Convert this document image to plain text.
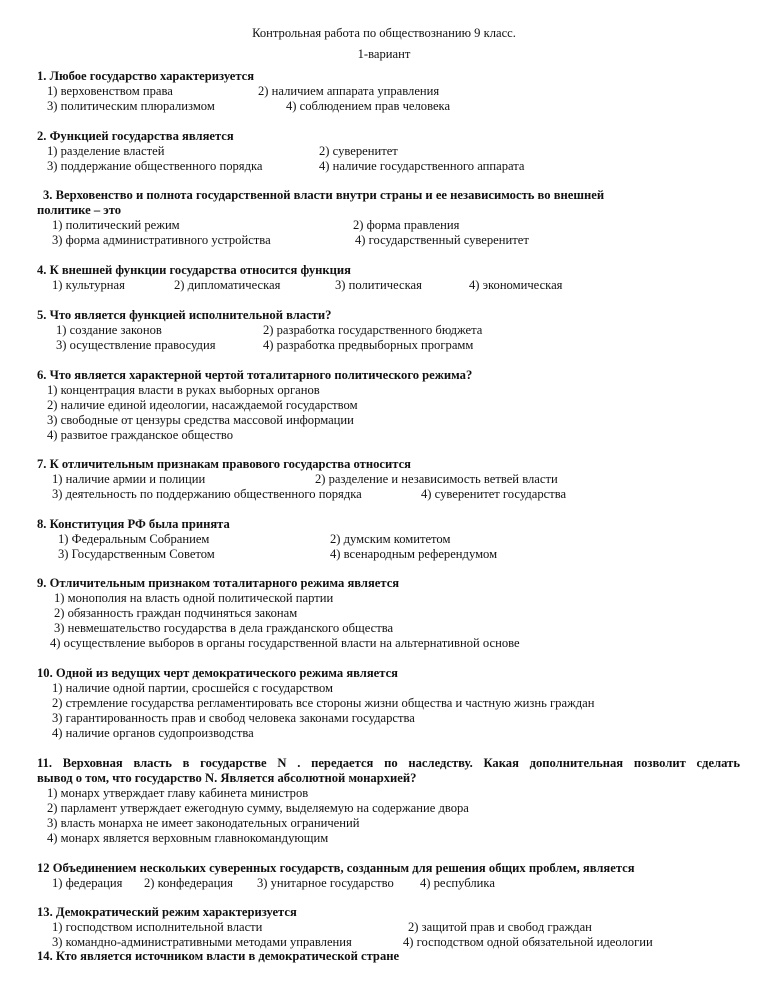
Контрольная работа по обществознанию 9 класс.
1-вариант
1. Любое государство характеризуется
1) верховенством права	2) наличием аппарата управления
3) политическим плюрализмом	4) соблюдением прав человека
2. Функцией государства является
1) разделение властей	2) суверенитет
3) поддержание общественного порядка	4) наличие государственного аппарата
3. Верховенство и полнота государственной власти внутри страны и ее независимость во внешней
политике – это
1) политический режим	2) форма правления
3) форма административного устройства	4) государственный суверенитет
4. К внешней функции государства относится функция
1) культурная	2) дипломатическая	3) политическая	4) экономическая
5. Что является функцией исполнительной власти?
1) создание законов	2) разработка государственного бюджета
3) осуществление правосудия	4) разработка предвыборных программ
6. Что является характерной чертой тоталитарного политического режима?
1) концентрация власти в руках выборных органов
2) наличие единой идеологии, насаждаемой государством
3) свободные от цензуры средства массовой информации
4) развитое гражданское общество
7. К отличительным признакам правового государства относится
1) наличие армии и полиции	2) разделение и независимость ветвей власти
3) деятельность по поддержанию общественного порядка	4) суверенитет государства
8. Конституция РФ была принята
1) Федеральным Собранием	2) думским комитетом
3) Государственным Советом	4) всенародным референдумом
9. Отличительным признаком тоталитарного режима является
1) монополия на власть одной политической партии
2) обязанность граждан подчиняться законам
3) невмешательство государства в дела гражданского общества
4) осуществление выборов в органы государственной власти на альтернативной основе
10. Одной из ведущих черт демократического режима является
1) наличие одной партии, сросшейся с государством
2) стремление государства регламентировать все стороны жизни общества и частную жизнь граждан
3) гарантированность прав и свобод человека законами государства
4) наличие органов судопроизводства
11. Верховная власть в государстве N . передается по наследству. Какая дополнительная позволит сделать
вывод о том, что государство N. Является абсолютной монархией?
1) монарх утверждает главу кабинета министров
2) парламент утверждает ежегодную сумму, выделяемую на содержание двора
3) власть монарха не имеет законодательных ограничений
4) монарх является верховным главнокомандующим
12 Объединением нескольких суверенных государств, созданным для решения общих проблем, является
1) федерация 2) конфедерация 3) унитарное государство 4) республика
13. Демократический режим характеризуется
1) господством исполнительной власти	2) защитой прав и свобод граждан
3) командно-административными методами управления	4) господством одной обязательной идеологии
14. Кто является источником власти в демократической стране
